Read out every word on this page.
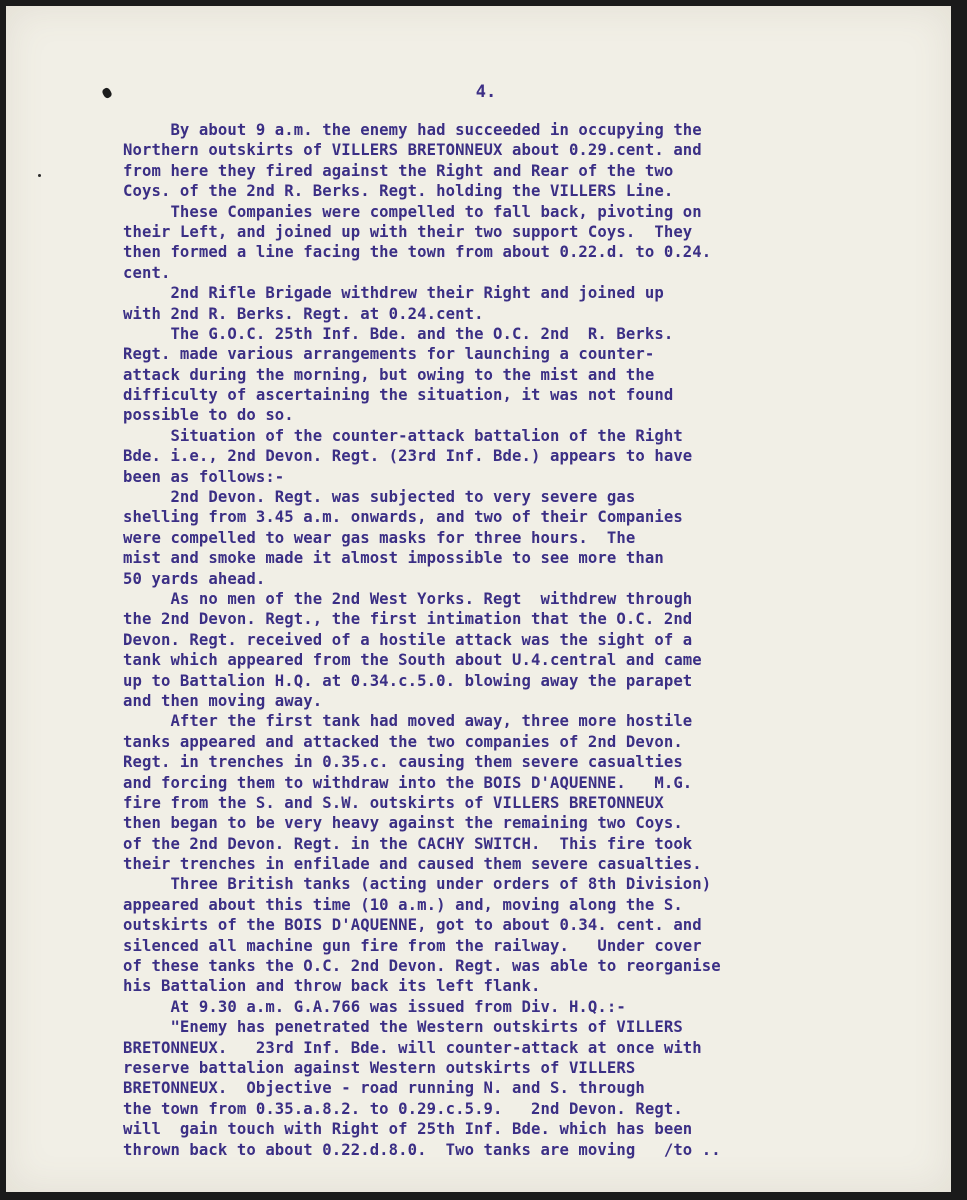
4.
By about 9 a.m. the enemy had succeeded in occupying the
Northern outskirts of VILLERS BRETONNEUX about 0.29.cent. and
from here they fired against the Right and Rear of the two
Coys. of the 2nd R. Berks. Regt. holding the VILLERS Line.
These Companies were compelled to fall back, pivoting on
their Left, and joined up with their two support Coys.  They
then formed a line facing the town from about 0.22.d. to 0.24.
cent.
2nd Rifle Brigade withdrew their Right and joined up
with 2nd R. Berks. Regt. at 0.24.cent.
The G.O.C. 25th Inf. Bde. and the O.C. 2nd  R. Berks.
Regt. made various arrangements for launching a counter-
attack during the morning, but owing to the mist and the
difficulty of ascertaining the situation, it was not found
possible to do so.
Situation of the counter-attack battalion of the Right
Bde. i.e., 2nd Devon. Regt. (23rd Inf. Bde.) appears to have
been as follows:-
2nd Devon. Regt. was subjected to very severe gas
shelling from 3.45 a.m. onwards, and two of their Companies
were compelled to wear gas masks for three hours.  The
mist and smoke made it almost impossible to see more than
50 yards ahead.
As no men of the 2nd West Yorks. Regt  withdrew through
the 2nd Devon. Regt., the first intimation that the O.C. 2nd
Devon. Regt. received of a hostile attack was the sight of a
tank which appeared from the South about U.4.central and came
up to Battalion H.Q. at 0.34.c.5.0. blowing away the parapet
and then moving away.
After the first tank had moved away, three more hostile
tanks appeared and attacked the two companies of 2nd Devon.
Regt. in trenches in 0.35.c. causing them severe casualties
and forcing them to withdraw into the BOIS D'AQUENNE.   M.G.
fire from the S. and S.W. outskirts of VILLERS BRETONNEUX
then began to be very heavy against the remaining two Coys.
of the 2nd Devon. Regt. in the CACHY SWITCH.  This fire took
their trenches in enfilade and caused them severe casualties.
Three British tanks (acting under orders of 8th Division)
appeared about this time (10 a.m.) and, moving along the S.
outskirts of the BOIS D'AQUENNE, got to about 0.34. cent. and
silenced all machine gun fire from the railway.   Under cover
of these tanks the O.C. 2nd Devon. Regt. was able to reorganise
his Battalion and throw back its left flank.
At 9.30 a.m. G.A.766 was issued from Div. H.Q.:-
"Enemy has penetrated the Western outskirts of VILLERS
BRETONNEUX.   23rd Inf. Bde. will counter-attack at once with
reserve battalion against Western outskirts of VILLERS
BRETONNEUX.  Objective - road running N. and S. through
the town from 0.35.a.8.2. to 0.29.c.5.9.   2nd Devon. Regt.
will  gain touch with Right of 25th Inf. Bde. which has been
thrown back to about 0.22.d.8.0.  Two tanks are moving   /to ..
